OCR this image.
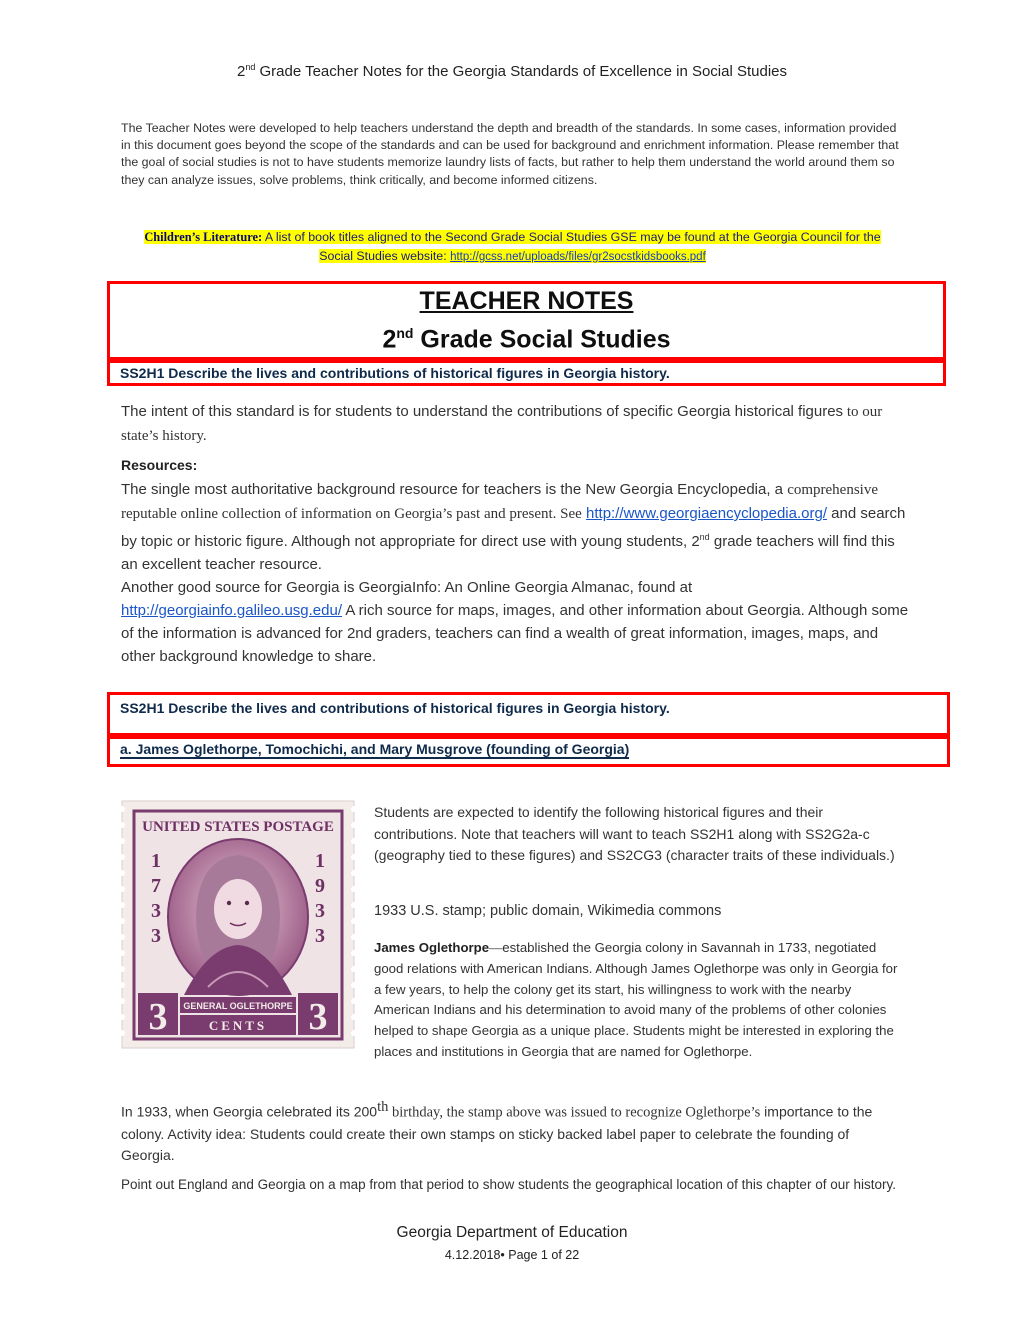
2nd Grade Teacher Notes for the Georgia Standards of Excellence in Social Studies
The Teacher Notes were developed to help teachers understand the depth and breadth of the standards. In some cases, information provided in this document goes beyond the scope of the standards and can be used for background and enrichment information. Please remember that the goal of social studies is not to have students memorize laundry lists of facts, but rather to help them understand the world around them so they can analyze issues, solve problems, think critically, and become informed citizens.
Children’s Literature: A list of book titles aligned to the Second Grade Social Studies GSE may be found at the Georgia Council for the Social Studies website: http://gcss.net/uploads/files/gr2socstkidsbooks.pdf
TEACHER NOTES
2nd Grade Social Studies
SS2H1 Describe the lives and contributions of historical figures in Georgia history.
The intent of this standard is for students to understand the contributions of specific Georgia historical figures to our state’s history.
Resources:
The single most authoritative background resource for teachers is the New Georgia Encyclopedia, a comprehensive reputable online collection of information on Georgia’s past and present. See http://www.georgiaencyclopedia.org/ and search by topic or historic figure. Although not appropriate for direct use with young students, 2nd grade teachers will find this an excellent teacher resource.
Another good source for Georgia is GeorgiaInfo: An Online Georgia Almanac, found at
http://georgiainfo.galileo.usg.edu/ A rich source for maps, images, and other information about Georgia. Although some of the information is advanced for 2nd graders, teachers can find a wealth of great information, images, maps, and other background knowledge to share.
SS2H1 Describe the lives and contributions of historical figures in Georgia history.
a. James Oglethorpe, Tomochichi, and Mary Musgrove (founding of Georgia)
UNITED STATES POSTAGE
1
7
3
3
1
9
3
3
3	3
GENERAL OGLETHORPE
CENTS
Students are expected to identify the following historical figures and their contributions. Note that teachers will want to teach SS2H1 along with SS2G2a-c (geography tied to these figures) and SS2CG3 (character traits of these individuals.)
1933 U.S. stamp; public domain, Wikimedia commons
James Oglethorpe—established the Georgia colony in Savannah in 1733, negotiated good relations with American Indians. Although James Oglethorpe was only in Georgia for a few years, to help the colony get its start, his willingness to work with the nearby American Indians and his determination to avoid many of the problems of other colonies helped to shape Georgia as a unique place. Students might be interested in exploring the places and institutions in Georgia that are named for Oglethorpe.
In 1933, when Georgia celebrated its 200th birthday, the stamp above was issued to recognize Oglethorpe’s importance to the colony. Activity idea: Students could create their own stamps on sticky backed label paper to celebrate the founding of Georgia.
Point out England and Georgia on a map from that period to show students the geographical location of this chapter of our history.
Georgia Department of Education
4.12.2018• Page 1 of 22
